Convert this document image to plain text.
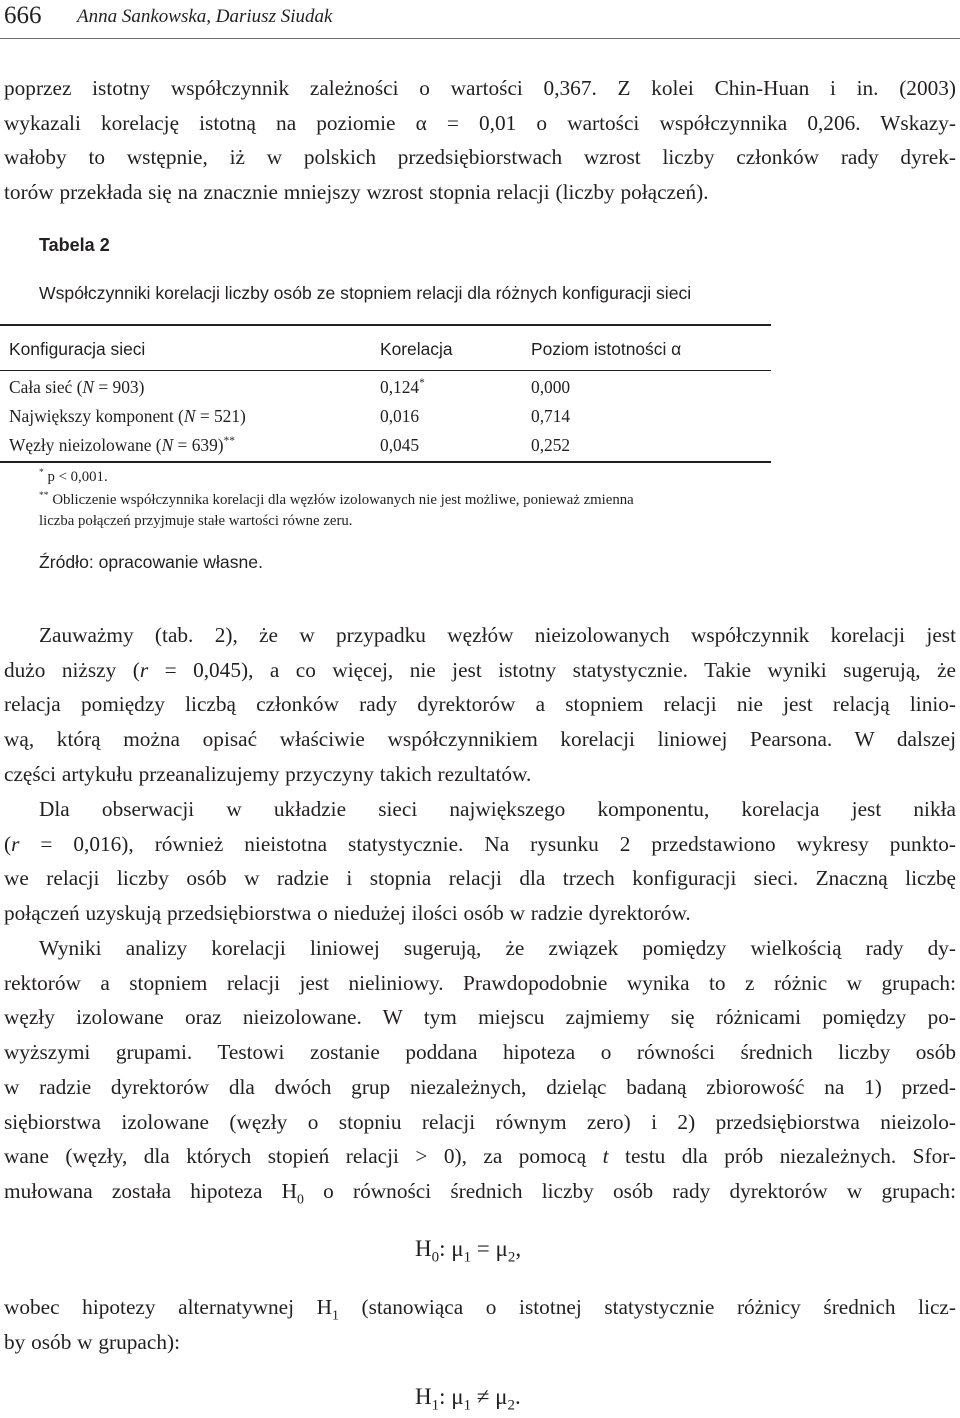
666 Anna Sankowska, Dariusz Siudak

poprzez istotny współczynnik zależności o wartości 0,367. Z kolei Chin-Huan i in. (2003)
wykazali korelację istotną na poziomie α = 0,01 o wartości współczynnika 0,206. Wskazy-
wałoby to wstępnie, iż w polskich przedsiębiorstwach wzrost liczby członków rady dyrek-
torów przekłada się na znacznie mniejszy wzrost stopnia relacji (liczby połączeń).

Tabela 2
Współczynniki korelacji liczby osób ze stopniem relacji dla różnych konfiguracji sieci
Konfiguracja sieci	Korelacja	Poziom istotności α
Cała sieć (N = 903)	0,124*	0,000
Największy komponent (N = 521)	0,016	0,714
Węzły nieizolowane (N = 639)**	0,045	0,252
* p < 0,001.
** Obliczenie współczynnika korelacji dla węzłów izolowanych nie jest możliwe, ponieważ zmienna
liczba połączeń przyjmuje stałe wartości równe zeru.
Źródło: opracowanie własne.

Zauważmy (tab. 2), że w przypadku węzłów nieizolowanych współczynnik korelacji jest
dużo niższy (r = 0,045), a co więcej, nie jest istotny statystycznie. Takie wyniki sugerują, że
relacja pomiędzy liczbą członków rady dyrektorów a stopniem relacji nie jest relacją linio-
wą, którą można opisać właściwie współczynnikiem korelacji liniowej Pearsona. W dalszej
części artykułu przeanalizujemy przyczyny takich rezultatów.

Dla obserwacji w układzie sieci największego komponentu, korelacja jest nikła
(r = 0,016), również nieistotna statystycznie. Na rysunku 2 przedstawiono wykresy punkto-
we relacji liczby osób w radzie i stopnia relacji dla trzech konfiguracji sieci. Znaczną liczbę
połączeń uzyskują przedsiębiorstwa o niedużej ilości osób w radzie dyrektorów.

Wyniki analizy korelacji liniowej sugerują, że związek pomiędzy wielkością rady dy-
rektorów a stopniem relacji jest nieliniowy. Prawdopodobnie wynika to z różnic w grupach:
węzły izolowane oraz nieizolowane. W tym miejscu zajmiemy się różnicami pomiędzy po-
wyższymi grupami. Testowi zostanie poddana hipoteza o równości średnich liczby osób
w radzie dyrektorów dla dwóch grup niezależnych, dzieląc badaną zbiorowość na 1) przed-
siębiorstwa izolowane (węzły o stopniu relacji równym zero) i 2) przedsiębiorstwa nieizolo-
wane (węzły, dla których stopień relacji > 0), za pomocą t testu dla prób niezależnych. Sfor-
mułowana została hipoteza $H_0$ o równości średnich liczby osób rady dyrektorów w grupach:

$H_0$: $\mu_1 = \mu_2$,

wobec hipotezy alternatywnej $H_1$ (stanowiąca o istotnej statystycznie różnicy średnich licz-
by osób w grupach):

$H_1$: $\mu_1 \ne \mu_2$.
